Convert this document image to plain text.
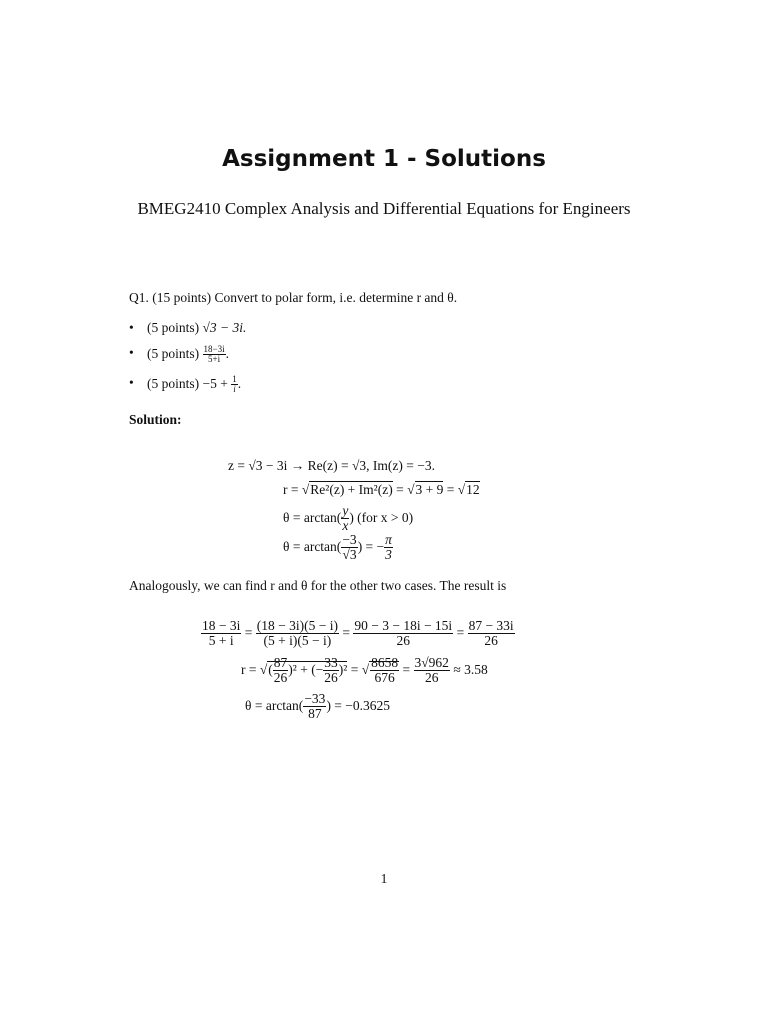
Assignment 1 - Solutions
BMEG2410 Complex Analysis and Differential Equations for Engineers
Q1. (15 points) Convert to polar form, i.e. determine r and θ.
• (5 points) √3 − 3i.
• (5 points) $\frac{18-3i}{5+i}$ .
• (5 points) $-5 + \frac{1}{i}$ .
Solution:
z = √3 − 3i → Re(z) = √3, Im(z) = −3.
r = √Re²(z) + Im²(z) = √3 + 9 = √12
$\theta = \arctan( \frac{y}{x}$ ) (for x > 0)
$\theta = \arctan( \frac{-3}{√3}$ ) = − $\frac{\pi}{3}$
Analogously, we can find r and θ for the other two cases. The result is
$\frac{18 - 3i}{5 + i} = \frac{(18 - 3i)(5 - i)}{(5 + i)(5 - i)} = \frac{90 - 3 - 18i - 15i}{26} = \frac{87 - 33i}{26}$
r = √( $\frac{87}{26} )^2$ + (− $\frac{33}{26} )^2$ = √ $\frac{8658}{676} = \frac{3√962}{26} \approx 3.58$
$\theta = \arctan( \frac{-33}{87}$ ) = −0.3625
1
